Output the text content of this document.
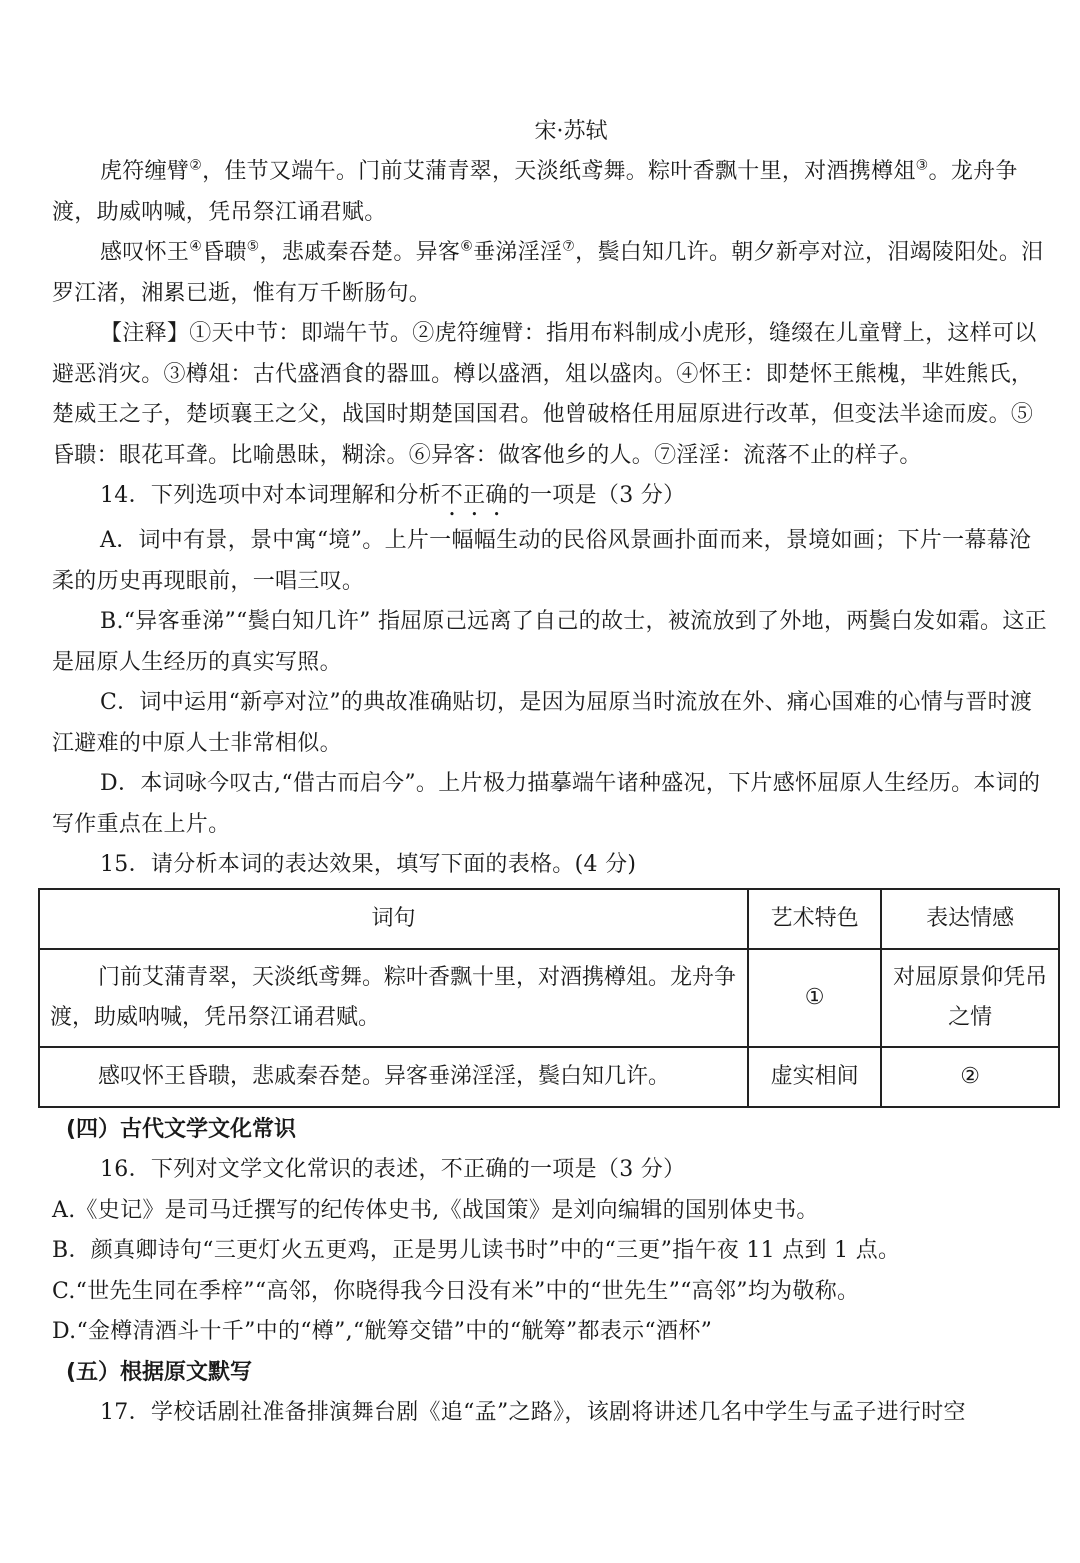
宋·苏轼

虎符缠臂②，佳节又端午。门前艾蒲青翠，天淡纸鸢舞。粽叶香飘十里，对酒携樽俎③。龙舟争渡，助威呐喊，凭吊祭江诵君赋。

感叹怀王④昏聩⑤，悲戚秦吞楚。异客⑥垂涕淫淫⑦，鬓白知几许。朝夕新亭对泣，泪竭陵阳处。汨罗江渚，湘累已逝，惟有万千断肠句。

【注释】①天中节：即端午节。②虎符缠臂：指用布料制成小虎形，缝缀在儿童臂上，这样可以避恶消灾。③樽俎：古代盛酒食的器皿。樽以盛酒，俎以盛肉。④怀王：即楚怀王熊槐，芈姓熊氏，楚威王之子，楚顷襄王之父，战国时期楚国国君。他曾破格任用屈原进行改革，但变法半途而废。⑤昏聩：眼花耳聋。比喻愚昧，糊涂。⑥异客：做客他乡的人。⑦淫淫：流落不止的样子。

14．下列选项中对本词理解和分析不正确的一项是（3 分）

A．词中有景，景中寓“境”。上片一幅幅生动的民俗风景画扑面而来，景境如画；下片一幕幕沧柔的历史再现眼前，一唱三叹。

B.“异客垂涕”“鬓白知几许” 指屈原己远离了自己的故士，被流放到了外地，两鬓白发如霜。这正是屈原人生经历的真实写照。

C．词中运用“新亭对泣”的典故准确贴切，是因为屈原当时流放在外、痛心国难的心情与晋时渡江避难的中原人士非常相似。

D．本词咏今叹古,“借古而启今”。上片极力描摹端午诸种盛况，下片感怀屈原人生经历。本词的写作重点在上片。

15．请分析本词的表达效果，填写下面的表格。(4 分)

词句	艺术特色	表达情感
门前艾蒲青翠，天淡纸鸢舞。粽叶香飘十里，对酒携樽俎。龙舟争渡，助威呐喊，凭吊祭江诵君赋。	①	对屈原景仰凭吊之情
感叹怀王昏聩，悲戚秦吞楚。异客垂涕淫淫，鬓白知几许。	虚实相间	②
(四）古代文学文化常识

16．下列对文学文化常识的表述，不正确的一项是（3 分）

A.《史记》是司马迁撰写的纪传体史书,《战国策》是刘向编辑的国别体史书。

B．颜真卿诗句“三更灯火五更鸡，正是男儿读书时”中的“三更”指午夜 11 点到 1 点。

C.“世先生同在季梓”“高邻，你晓得我今日没有米”中的“世先生”“高邻”均为敬称。

D.“金樽清酒斗十千”中的“樽”,“觥筹交错”中的“觥筹”都表示“酒杯”

(五）根据原文默写

17．学校话剧社准备排演舞台剧《追“孟”之路》，该剧将讲述几名中学生与孟子进行时空
